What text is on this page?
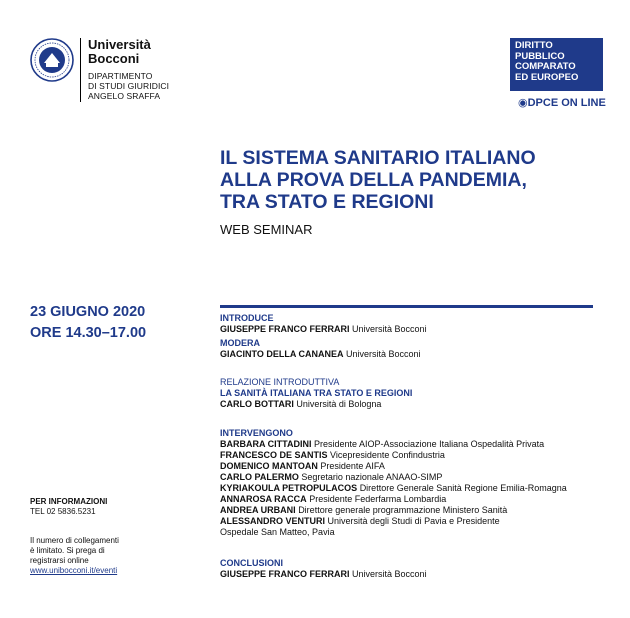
Università
Bocconi
DIPARTIMENTO
DI STUDI GIURIDICI
ANGELO SRAFFA
DIRITTO
PUBBLICO
COMPARATO
ED EUROPEO
◉DPCE ON LINE
IL SISTEMA SANITARIO ITALIANO
ALLA PROVA DELLA PANDEMIA,
TRA STATO E REGIONI
WEB SEMINAR
23 GIUGNO 2020
ORE 14.30–17.00
INTRODUCE
GIUSEPPE FRANCO FERRARI Università Bocconi
MODERA
GIACINTO DELLA CANANEA Università Bocconi
RELAZIONE INTRODUTTIVA
LA SANITÀ ITALIANA TRA STATO E REGIONI
CARLO BOTTARI Università di Bologna
INTERVENGONO
BARBARA CITTADINI Presidente AIOP-Associazione Italiana Ospedalità Privata
FRANCESCO DE SANTIS Vicepresidente Confindustria
DOMENICO MANTOAN Presidente AIFA
CARLO PALERMO Segretario nazionale ANAAO-SIMP
KYRIAKOULA PETROPULACOS Direttore Generale Sanità Regione Emilia-Romagna
ANNAROSA RACCA Presidente Federfarma Lombardia
ANDREA URBANI Direttore generale programmazione Ministero Sanità
ALESSANDRO VENTURI Università degli Studi di Pavia e Presidente
Ospedale San Matteo, Pavia
CONCLUSIONI
GIUSEPPE FRANCO FERRARI Università Bocconi
PER INFORMAZIONI
TEL 02 5836.5231
Il numero di collegamenti
è limitato. Si prega di
registrarsi online
www.unibocconi.it/eventi
